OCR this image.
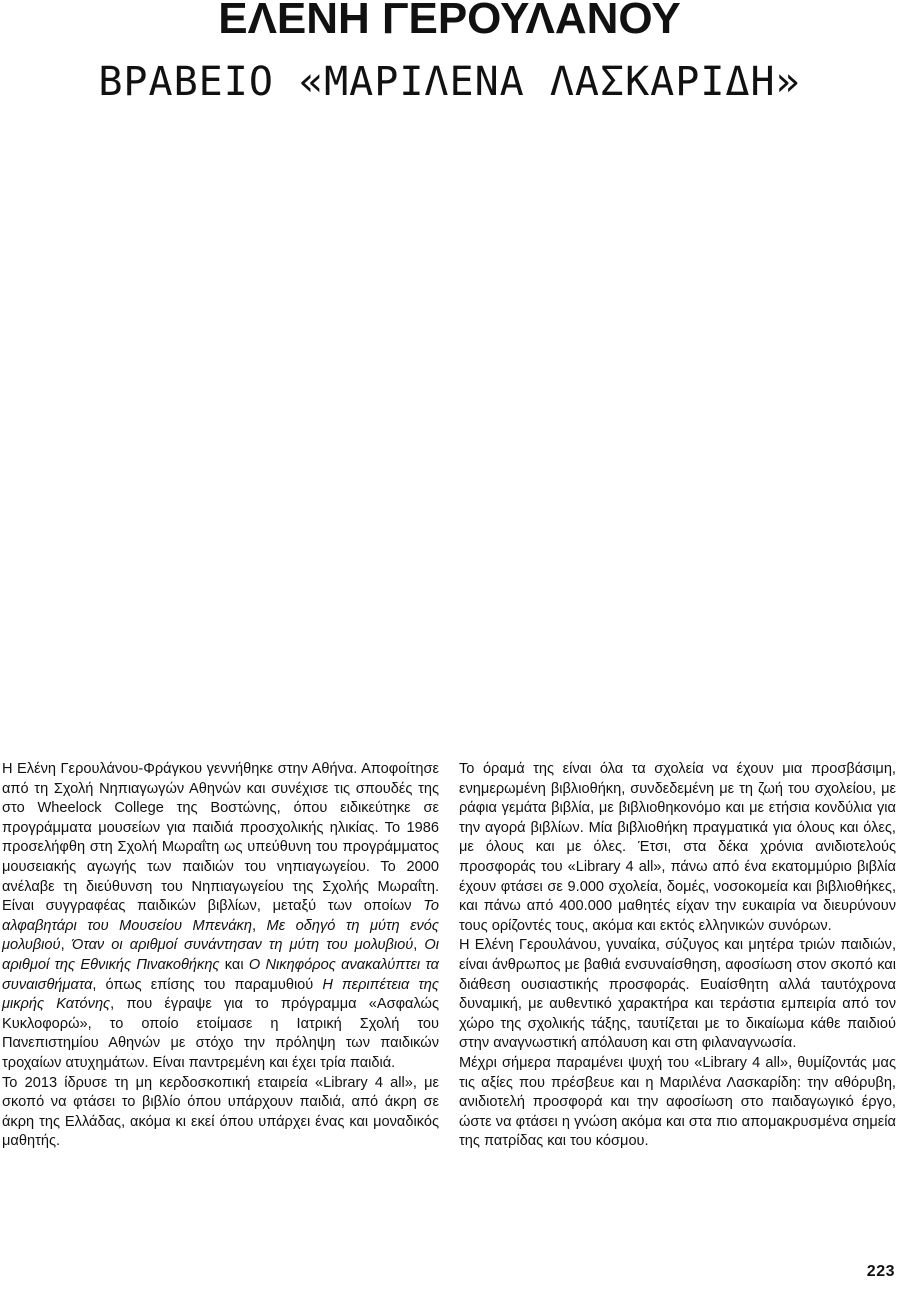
ΕΛΕΝΗ ΓΕΡΟΥΛΑΝΟΥ
ΒΡΑΒΕΙΟ «ΜΑΡΙΛΕΝΑ ΛΑΣΚΑΡΙΔΗ»

Η Ελένη Γερουλάνου-Φράγκου γεννήθηκε στην Αθήνα. Αποφοίτησε από τη Σχολή Νηπιαγωγών Αθηνών και συνέχισε τις σπουδές της στο Wheelock College της Βοστώνης, όπου ειδικεύτηκε σε προγράμματα μουσείων για παιδιά προσχολικής ηλικίας. Το 1986 προσελήφθη στη Σχολή Μωραΐτη ως υπεύθυνη του προγράμματος μουσειακής αγωγής των παιδιών του νηπιαγωγείου. Το 2000 ανέλαβε τη διεύθυνση του Νηπιαγωγείου της Σχολής Μωραΐτη. Είναι συγγραφέας παιδικών βιβλίων, μεταξύ των οποίων Το αλφαβητάρι του Μουσείου Μπενάκη, Με οδηγό τη μύτη ενός μολυβιού, Όταν οι αριθμοί συνάντησαν τη μύτη του μολυβιού, Οι αριθμοί της Εθνικής Πινακοθήκης και Ο Νικηφόρος ανακαλύπτει τα συναισθήματα, όπως επίσης του παραμυθιού Η περιπέτεια της μικρής Κατόνης, που έγραψε για το πρόγραμμα «Ασφαλώς Κυκλοφορώ», το οποίο ετοίμασε η Ιατρική Σχολή του Πανεπιστημίου Αθηνών με στόχο την πρόληψη των παιδικών τροχαίων ατυχημάτων. Είναι παντρεμένη και έχει τρία παιδιά.

Το 2013 ίδρυσε τη μη κερδοσκοπική εταιρεία «Library 4 all», με σκοπό να φτάσει το βιβλίο όπου υπάρχουν παιδιά, από άκρη σε άκρη της Ελλάδας, ακόμα κι εκεί όπου υπάρχει ένας και μοναδικός μαθητής.

Το όραμά της είναι όλα τα σχολεία να έχουν μια προσβάσιμη, ενημερωμένη βιβλιοθήκη, συνδεδεμένη με τη ζωή του σχολείου, με ράφια γεμάτα βιβλία, με βιβλιοθηκονόμο και με ετήσια κονδύλια για την αγορά βιβλίων. Μία βιβλιοθήκη πραγματικά για όλους και όλες, με όλους και με όλες. Έτσι, στα δέκα χρόνια ανιδιοτελούς προσφοράς του «Library 4 all», πάνω από ένα εκατομμύριο βιβλία έχουν φτάσει σε 9.000 σχολεία, δομές, νοσοκομεία και βιβλιοθήκες, και πάνω από 400.000 μαθητές είχαν την ευκαιρία να διευρύνουν τους ορίζοντές τους, ακόμα και εκτός ελληνικών συνόρων.

Η Ελένη Γερουλάνου, γυναίκα, σύζυγος και μητέρα τριών παιδιών, είναι άνθρωπος με βαθιά ενσυναίσθηση, αφοσίωση στον σκοπό και διάθεση ουσιαστικής προσφοράς. Ευαίσθητη αλλά ταυτόχρονα δυναμική, με αυθεντικό χαρακτήρα και τεράστια εμπειρία από τον χώρο της σχολικής τάξης, ταυτίζεται με το δικαίωμα κάθε παιδιού στην αναγνωστική απόλαυση και στη φιλαναγνωσία.

Μέχρι σήμερα παραμένει ψυχή του «Library 4 all», θυμίζοντάς μας τις αξίες που πρέσβευε και η Μαριλένα Λασκαρίδη: την αθόρυβη, ανιδιοτελή προσφορά και την αφοσίωση στο παιδαγωγικό έργο, ώστε να φτάσει η γνώση ακόμα και στα πιο απομακρυσμένα σημεία της πατρίδας και του κόσμου.

223
